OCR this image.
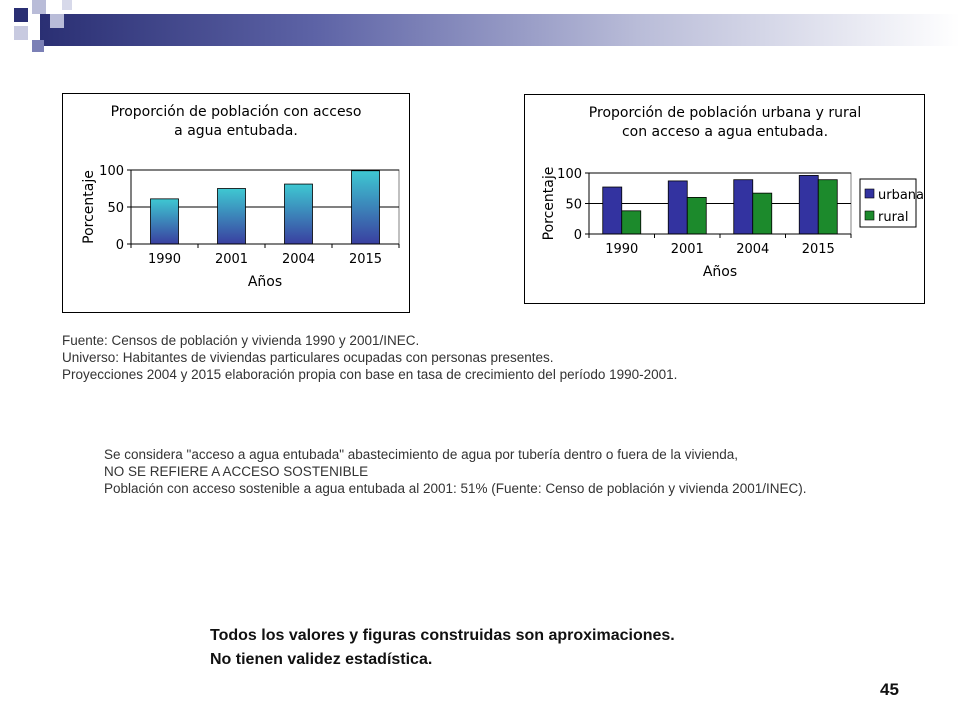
Proporción de población con acceso
a agua entubada.
0
50
100
1990	2001	2004	2015
Años
Porcentaje
Proporción de población urbana y rural
con acceso a agua entubada.
0
50
100
1990 2001 2004 2015
Años
Porcentaje	urbana
rural
Fuente: Censos de población y vivienda 1990 y 2001/INEC.
Universo: Habitantes de viviendas particulares ocupadas con personas presentes.
Proyecciones 2004 y 2015 elaboración propia con base en tasa de crecimiento del período 1990-2001.
Se considera "acceso a agua entubada" abastecimiento de agua por tubería dentro o fuera de la vivienda,
NO SE REFIERE A ACCESO SOSTENIBLE
Población con acceso sostenible a agua entubada al 2001: 51% (Fuente: Censo de población y vivienda 2001/INEC).
Todos los valores y figuras construidas son aproximaciones.
No tienen validez estadística.
45
